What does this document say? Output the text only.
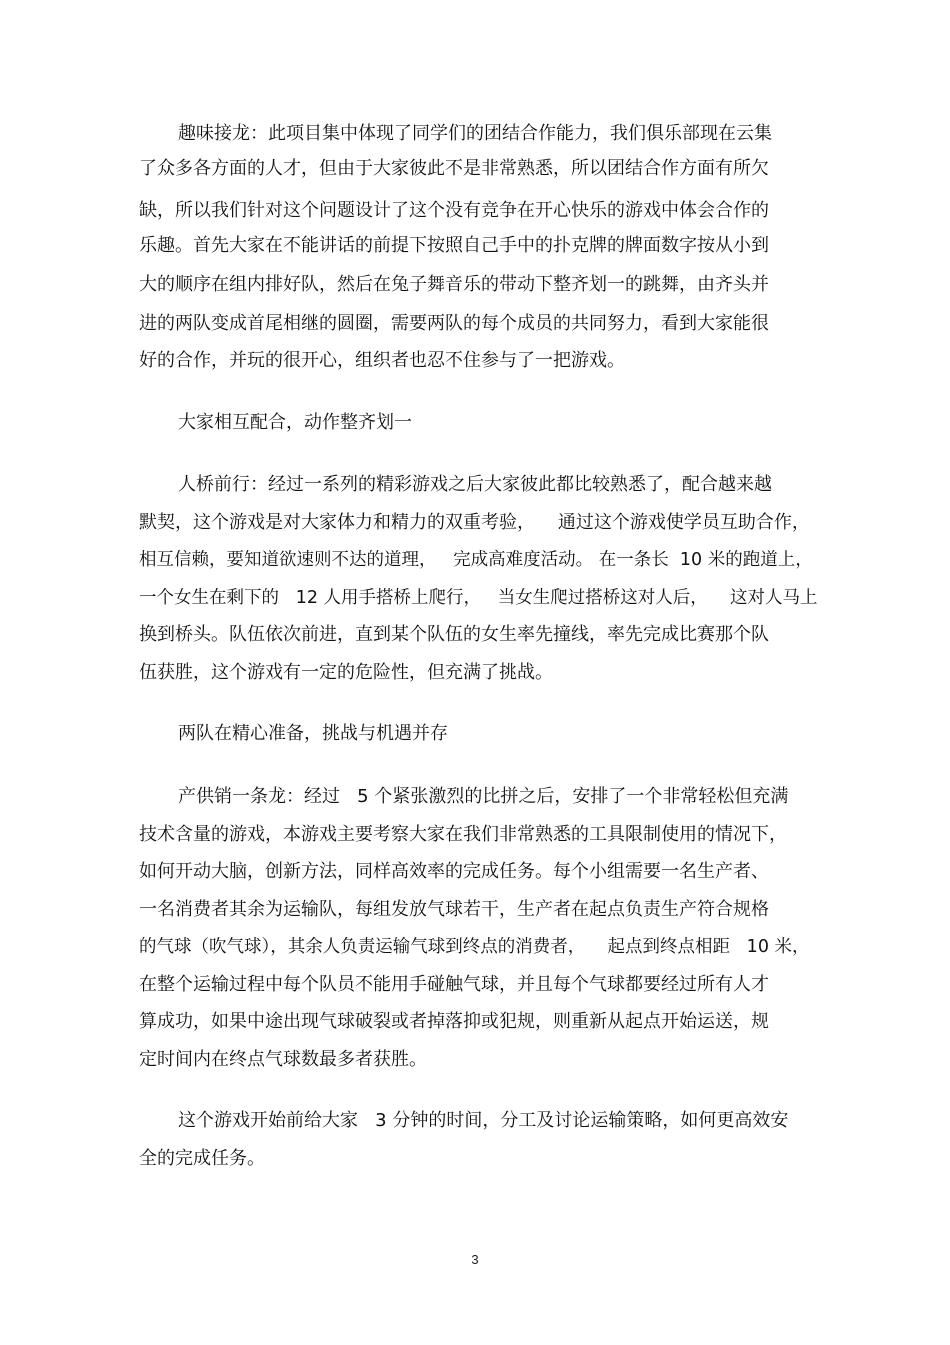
趣味接龙：此项目集中体现了同学们的团结合作能力，我们俱乐部现在云集
了众多各方面的人才，但由于大家彼此不是非常熟悉，所以团结合作方面有所欠
缺，所以我们针对这个问题设计了这个没有竞争在开心快乐的游戏中体会合作的
乐趣。首先大家在不能讲话的前提下按照自己手中的扑克牌的牌面数字按从小到
大的顺序在组内排好队，然后在兔子舞音乐的带动下整齐划一的跳舞，由齐头并
进的两队变成首尾相继的圆圈，需要两队的每个成员的共同努力，看到大家能很
好的合作，并玩的很开心，组织者也忍不住参与了一把游戏。
大家相互配合，动作整齐划一
人桥前行：经过一系列的精彩游戏之后大家彼此都比较熟悉了，配合越来越
默契，这个游戏是对大家体力和精力的双重考验，    通过这个游戏使学员互助合作，
相互信赖，要知道欲速则不达的道理，   完成高难度活动。 在一条长  10 米的跑道上，
一个女生在剩下的   12 人用手搭桥上爬行，   当女生爬过搭桥这对人后，    这对人马上
换到桥头。队伍依次前进，直到某个队伍的女生率先撞线，率先完成比赛那个队
伍获胜，这个游戏有一定的危险性，但充满了挑战。
两队在精心准备，挑战与机遇并存
产供销一条龙：经过   5 个紧张激烈的比拼之后，安排了一个非常轻松但充满
技术含量的游戏，本游戏主要考察大家在我们非常熟悉的工具限制使用的情况下，
如何开动大脑，创新方法，同样高效率的完成任务。每个小组需要一名生产者、
一名消费者其余为运输队，每组发放气球若干，生产者在起点负责生产符合规格
的气球（吹气球），其余人负责运输气球到终点的消费者，    起点到终点相距   10 米，
在整个运输过程中每个队员不能用手碰触气球，并且每个气球都要经过所有人才
算成功，如果中途出现气球破裂或者掉落抑或犯规，则重新从起点开始运送，规
定时间内在终点气球数最多者获胜。
这个游戏开始前给大家   3 分钟的时间，分工及讨论运输策略，如何更高效安
全的完成任务。
3
